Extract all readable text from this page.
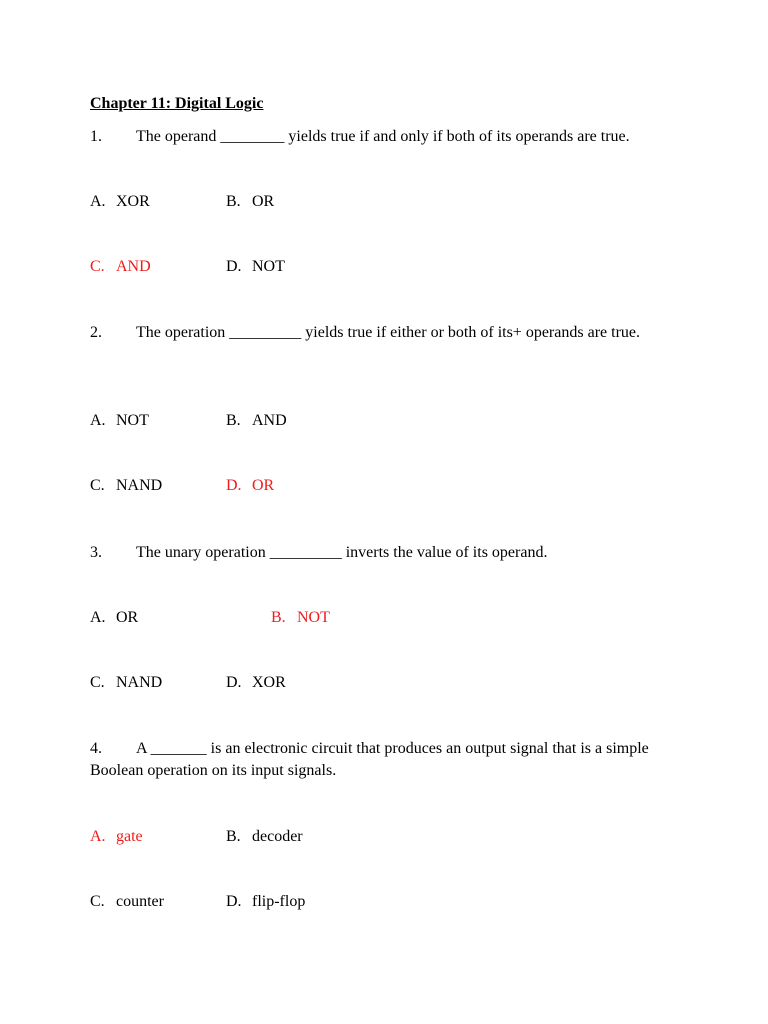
Chapter 11: Digital Logic
1. The operand ________ yields true if and only if both of its operands are true.
A. XOR	B. OR
C. AND	D. NOT
2. The operation _________ yields true if either or both of its+ operands are true.
A. NOT	B. AND
C. NAND	D. OR
3. The unary operation _________ inverts the value of its operand.
A. OR	B. NOT
C. NAND	D. XOR
4. A _______ is an electronic circuit that produces an output signal that is a simple Boolean operation on its input signals.
A. gate	B. decoder
C. counter	D. flip-flop
